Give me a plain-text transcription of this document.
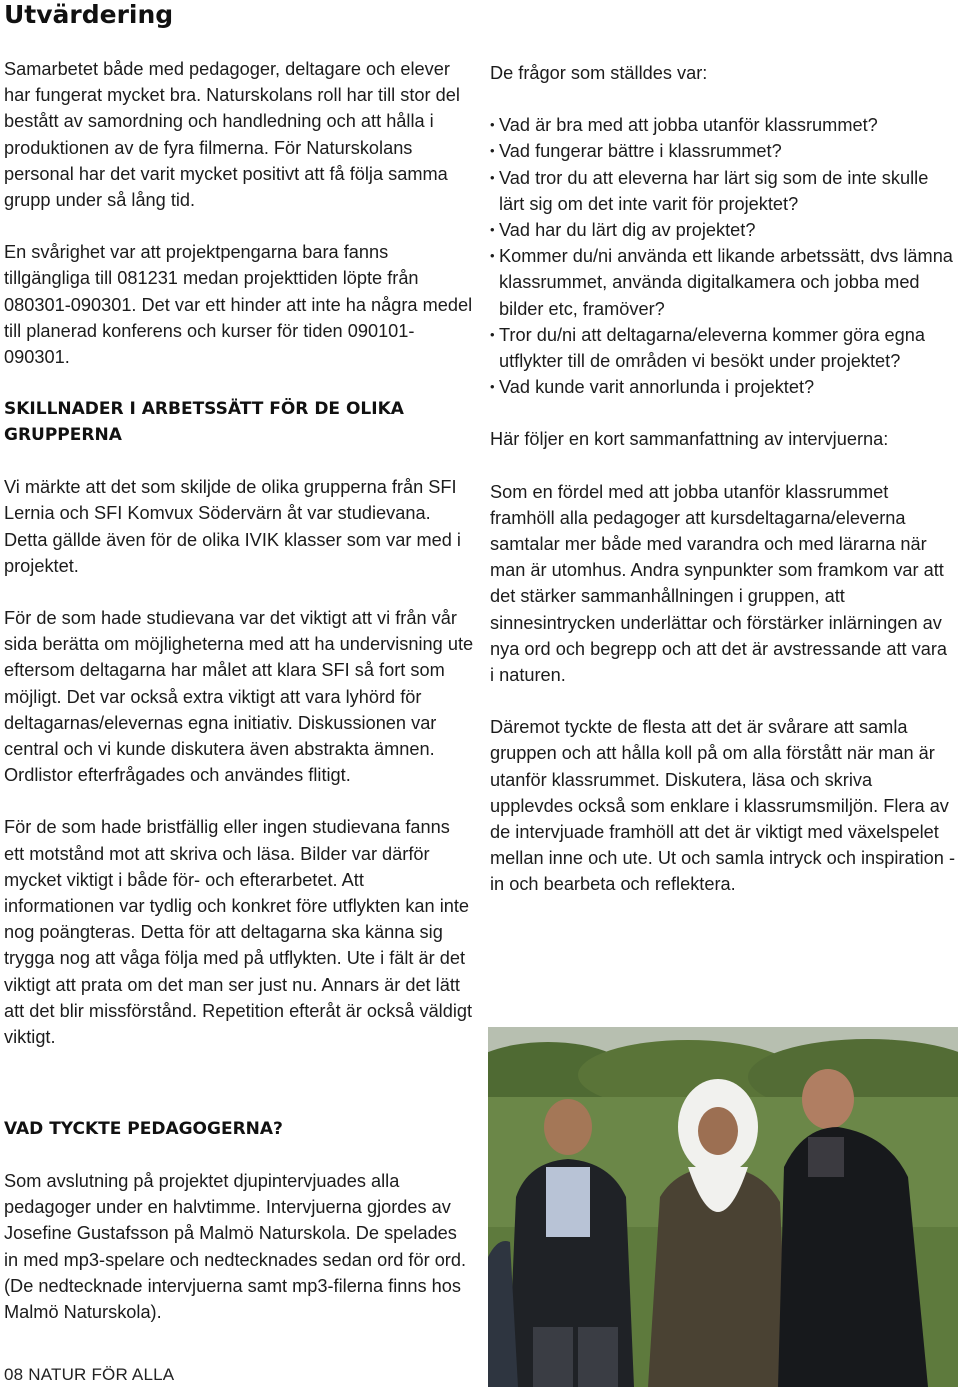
Utvärdering

Samarbetet både med pedagoger, deltagare och elever har fungerat mycket bra. Naturskolans roll har till stor del bestått av samordning och handledning och att hålla i produktionen av de fyra filmerna. För Naturskolans personal har det varit mycket positivt att få följa samma grupp under så lång tid.

En svårighet var att projektpengarna bara fanns tillgängliga till 081231 medan projekttiden löpte från 080301-090301. Det var ett hinder att inte ha några medel till planerad konferens och kurser för tiden 090101-090301.

SKILLNADER I ARBETSSÄTT FÖR DE OLIKA GRUPPERNA

Vi märkte att det som skiljde de olika grupperna från SFI Lernia och SFI Komvux Södervärn åt var studievana. Detta gällde även för de olika IVIK klasser som var med i projektet.

För de som hade studievana var det viktigt att vi från vår sida berätta om möjligheterna med att ha undervisning ute eftersom deltagarna har målet att klara SFI så fort som möjligt. Det var också extra viktigt att vara lyhörd för deltagarnas/elevernas egna initiativ. Diskussionen var central och vi kunde diskutera även abstrakta ämnen. Ordlistor efterfrågades och användes flitigt.

För de som hade bristfällig eller ingen studievana fanns ett motstånd mot att skriva och läsa. Bilder var därför mycket viktigt i både för- och efterarbetet. Att informationen var tydlig och konkret före utflykten kan inte nog poängteras. Detta för att deltagarna ska känna sig trygga nog att våga följa med på utflykten. Ute i fält är det viktigt att prata om det man ser just nu. Annars är det lätt att det blir missförstånd. Repetition efteråt är också väldigt viktigt.

VAD TYCKTE PEDAGOGERNA?

Som avslutning på projektet djupintervjuades alla pedagoger under en halvtimme. Intervjuerna gjordes av Josefine Gustafsson på Malmö Naturskola. De spelades in med mp3-spelare och nedtecknades sedan ord för ord. (De nedtecknade intervjuerna samt mp3-filerna finns hos Malmö Naturskola).

De frågor som ställdes var:

• Vad är bra med att jobba utanför klassrummet?
• Vad fungerar bättre i klassrummet?
• Vad tror du att eleverna har lärt sig som de inte skulle lärt sig om det inte varit för projektet?
• Vad har du lärt dig av projektet?
• Kommer du/ni använda ett likande arbetssätt, dvs lämna klassrummet, använda digitalkamera och jobba med bilder etc, framöver?
• Tror du/ni att deltagarna/eleverna kommer göra egna utflykter till de områden vi besökt under projektet?
• Vad kunde varit annorlunda i projektet?

Här följer en kort sammanfattning av intervjuerna:

Som en fördel med att jobba utanför klassrummet framhöll alla pedagoger att kursdeltagarna/eleverna samtalar mer både med varandra och med lärarna när man är utomhus. Andra synpunkter som framkom var att det stärker sammanhållningen i gruppen, att sinnesintrycken underlättar och förstärker inlärningen av nya ord och begrepp och att det är avstressande att vara i naturen.

Däremot tyckte de flesta att det är svårare att samla gruppen och att hålla koll på om alla förstått när man är utanför klassrummet. Diskutera, läsa och skriva upplevdes också som enklare i klassrumsmiljön. Flera av de intervjuade framhöll att det är viktigt med växelspelet mellan inne och ute. Ut och samla intryck och inspiration - in och bearbeta och reflektera.

08 NATUR FÖR ALLA
